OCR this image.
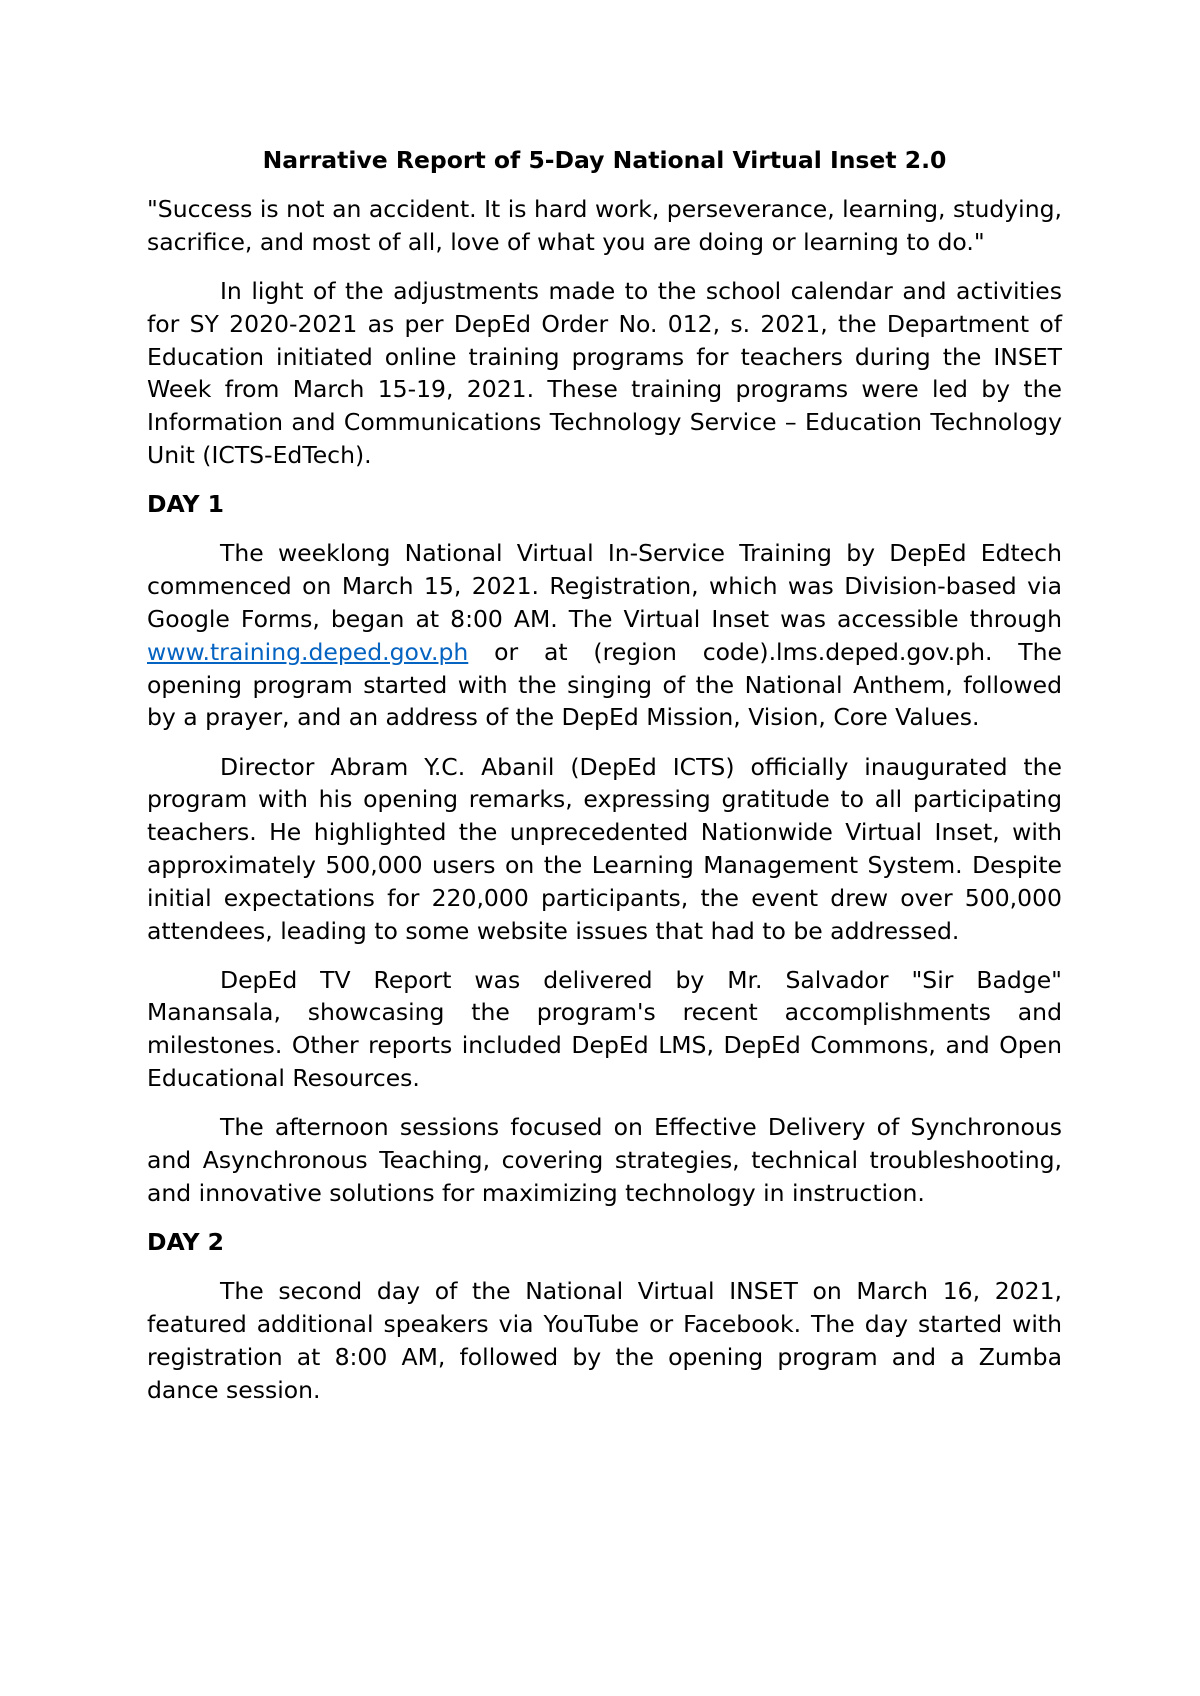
Narrative Report of 5-Day National Virtual Inset 2.0

"Success is not an accident. It is hard work, perseverance, learning, studying, sacrifice, and most of all, love of what you are doing or learning to do."

In light of the adjustments made to the school calendar and activities for SY 2020-2021 as per DepEd Order No. 012, s. 2021, the Department of Education initiated online training programs for teachers during the INSET Week from March 15-19, 2021. These training programs were led by the Information and Communications Technology Service – Education Technology Unit (ICTS-EdTech).

DAY 1

The weeklong National Virtual In-Service Training by DepEd Edtech commenced on March 15, 2021. Registration, which was Division-based via Google Forms, began at 8:00 AM. The Virtual Inset was accessible through www.training.deped.gov.ph or at (region code).lms.deped.gov.ph. The opening program started with the singing of the National Anthem, followed by a prayer, and an address of the DepEd Mission, Vision, Core Values.

Director Abram Y.C. Abanil (DepEd ICTS) officially inaugurated the program with his opening remarks, expressing gratitude to all participating teachers. He highlighted the unprecedented Nationwide Virtual Inset, with approximately 500,000 users on the Learning Management System. Despite initial expectations for 220,000 participants, the event drew over 500,000 attendees, leading to some website issues that had to be addressed.

DepEd TV Report was delivered by Mr. Salvador "Sir Badge" Manansala, showcasing the program's recent accomplishments and milestones. Other reports included DepEd LMS, DepEd Commons, and Open Educational Resources.

The afternoon sessions focused on Effective Delivery of Synchronous and Asynchronous Teaching, covering strategies, technical troubleshooting, and innovative solutions for maximizing technology in instruction.

DAY 2

The second day of the National Virtual INSET on March 16, 2021, featured additional speakers via YouTube or Facebook. The day started with registration at 8:00 AM, followed by the opening program and a Zumba dance session.
